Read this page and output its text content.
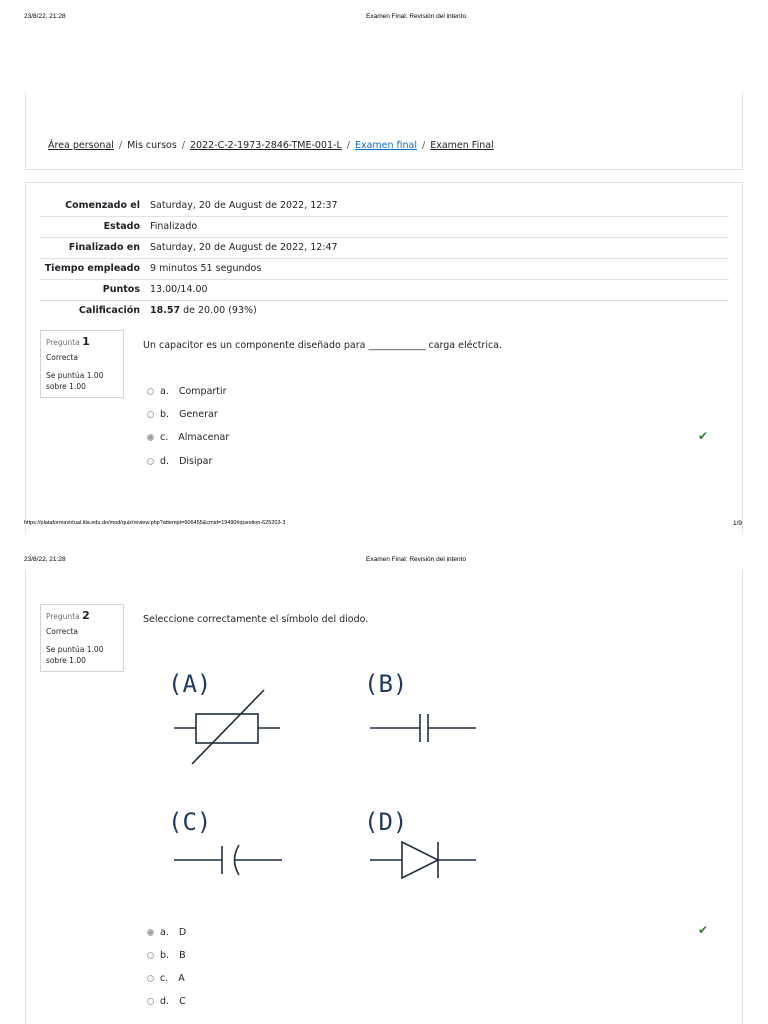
23/8/22, 21:28	Examen Final: Revisión del intento
Área personal / Mis cursos / 2022-C-2-1973-2846-TME-001-L / Examen final / Examen Final
Comenzado el	Saturday, 20 de August de 2022, 12:37
Estado	Finalizado
Finalizado en	Saturday, 20 de August de 2022, 12:47
Tiempo empleado	9 minutos 51 segundos
Puntos	13.00/14.00
Calificación	18.57 de 20.00 (93%)
Pregunta 1
Correcta
Se puntúa 1.00 sobre 1.00
Un capacitor es un componente diseñado para ____________ carga eléctrica.
a. Compartir
b. Generar
c. Almacenar
d. Disipar
✔
https://plataformavirtual.itla.edu.do/mod/quiz/review.php?attempt=606455&cmid=19490#question-625203-3	1/9
23/8/22, 21:28	Examen Final: Revisión del intento
Pregunta 2
Correcta
Se puntúa 1.00 sobre 1.00
Seleccione correctamente el símbolo del diodo.
(A)	(B)
(C)	(D)
a. D
b. B
c. A
d. C
✔
